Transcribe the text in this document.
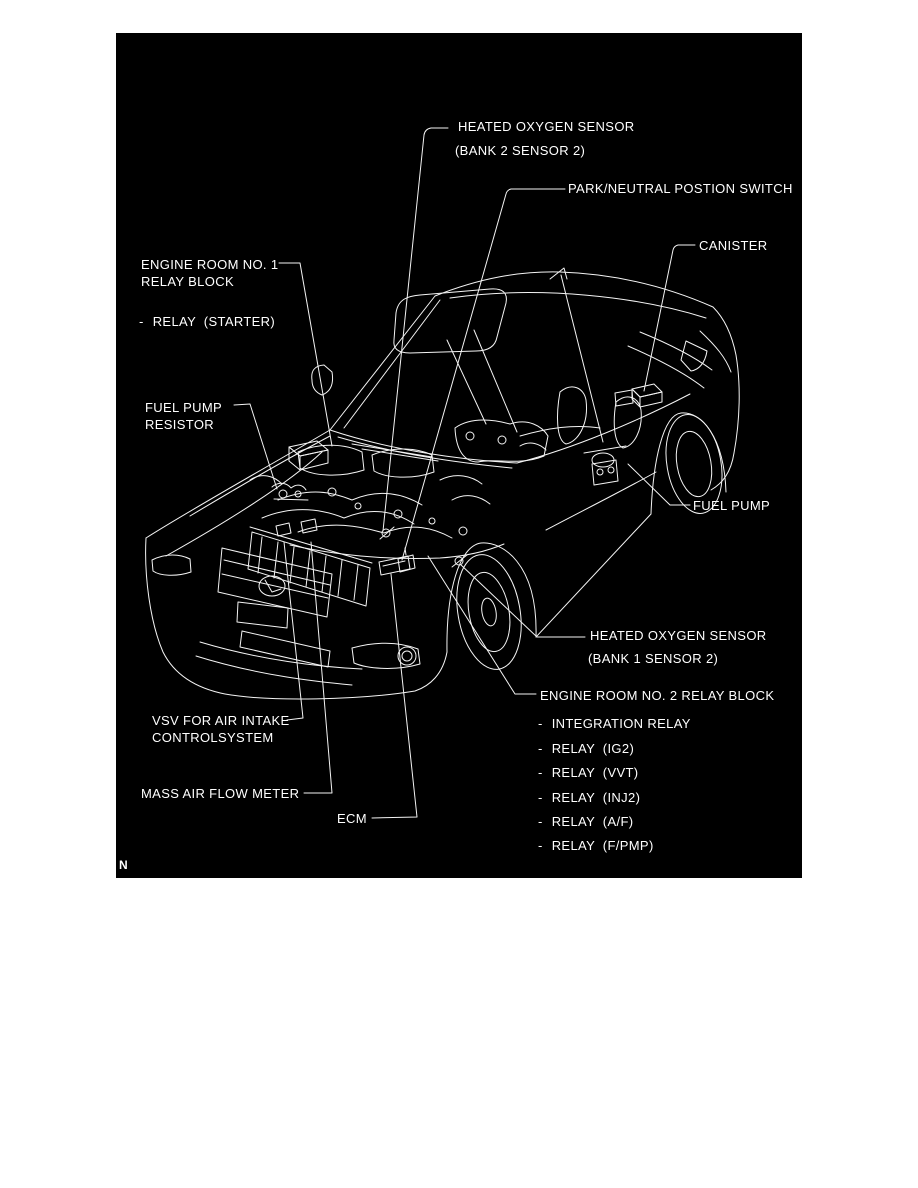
HEATED OXYGEN SENSOR
(BANK 2 SENSOR 2)
PARK/NEUTRAL POSTION SWITCH
CANISTER
ENGINE ROOM NO. 1
RELAY BLOCK
- RELAY  (STARTER)
FUEL PUMP
RESISTOR
FUEL PUMP
HEATED OXYGEN SENSOR
(BANK 1 SENSOR 2)
ENGINE ROOM NO. 2 RELAY BLOCK
- INTEGRATION RELAY
- RELAY  (IG2)
- RELAY  (VVT)
- RELAY  (INJ2)
- RELAY  (A/F)
- RELAY  (F/PMP)
VSV FOR AIR INTAKE
CONTROLSYSTEM
MASS AIR FLOW METER
ECM
N
